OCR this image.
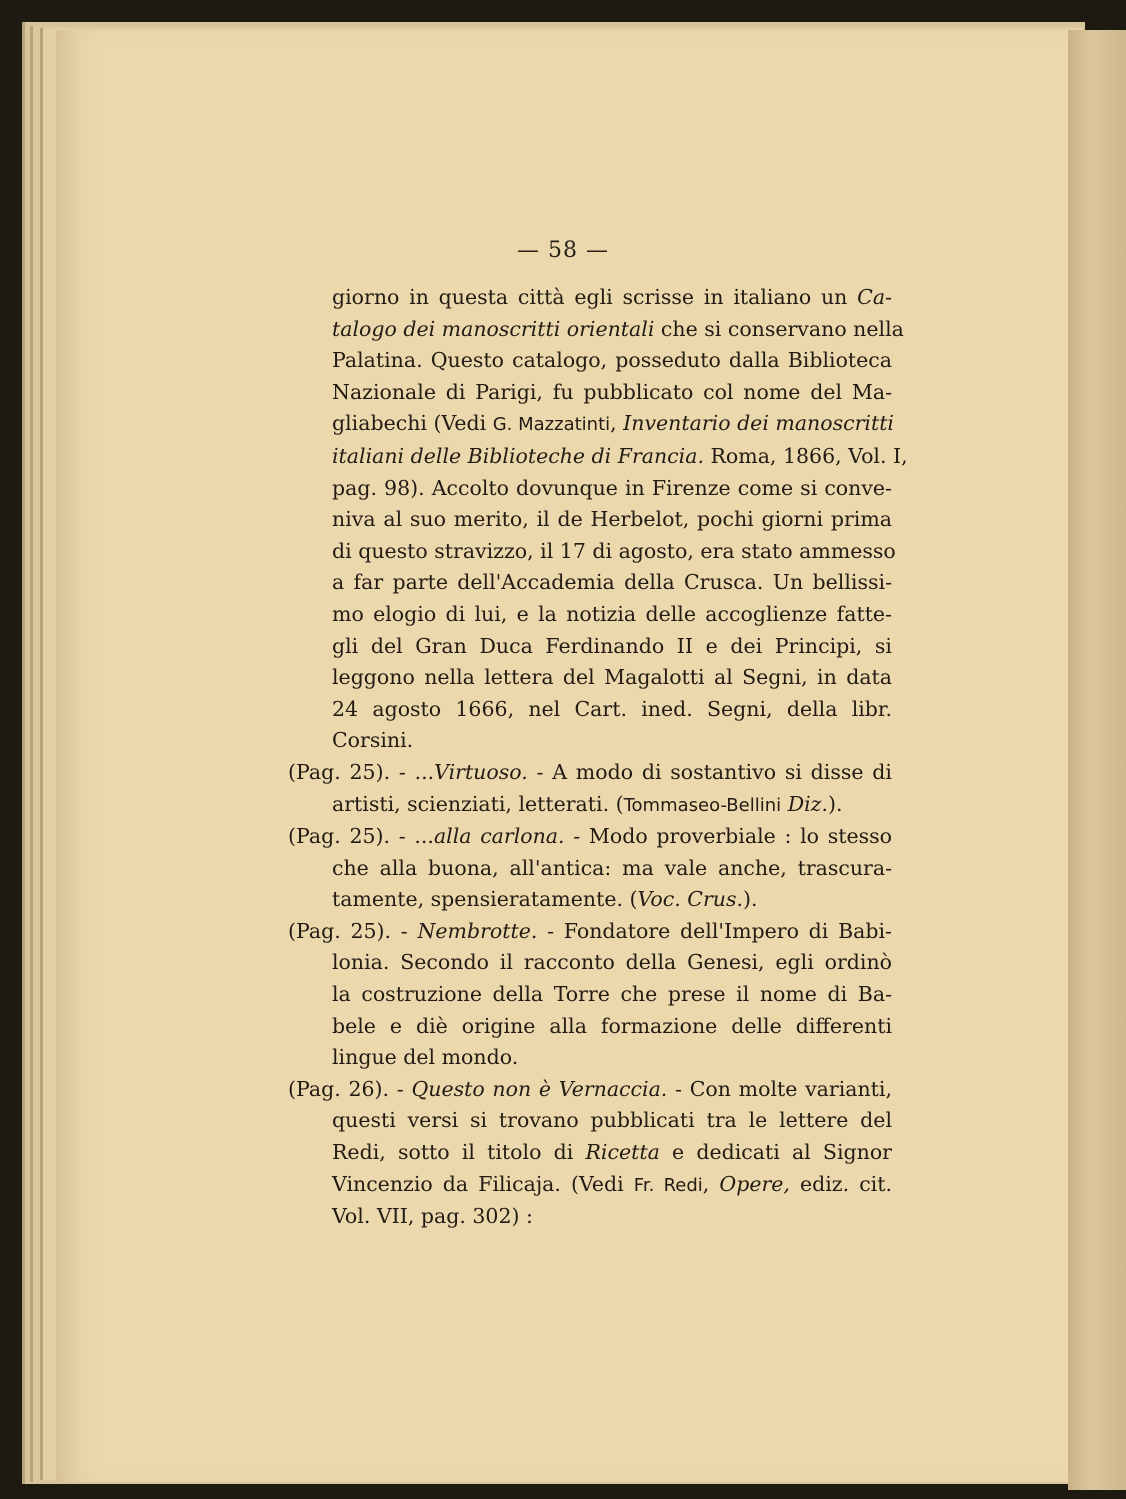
— 58 —
giorno in questa città egli scrisse in italiano un Ca-
talogo dei manoscritti orientali che si conservano nella
Palatina. Questo catalogo, posseduto dalla Biblioteca
Nazionale di Parigi, fu pubblicato col nome del Ma-
gliabechi (Vedi G. Mazzatinti, Inventario dei manoscritti
italiani delle Biblioteche di Francia. Roma, 1866, Vol. I,
pag. 98). Accolto dovunque in Firenze come si conve-
niva al suo merito, il de Herbelot, pochi giorni prima
di questo stravizzo, il 17 di agosto, era stato ammesso
a far parte dell'Accademia della Crusca. Un bellissi-
mo elogio di lui, e la notizia delle accoglienze fatte-
gli del Gran Duca Ferdinando II e dei Principi, si
leggono nella lettera del Magalotti al Segni, in data
24 agosto 1666, nel Cart. ined. Segni, della libr.
Corsini.
(Pag. 25). - ...Virtuoso. - A modo di sostantivo si disse di
artisti, scienziati, letterati. (Tommaseo-Bellini Diz.).
(Pag. 25). - ...alla carlona. - Modo proverbiale : lo stesso
che alla buona, all'antica: ma vale anche, trascura-
tamente, spensieratamente. (Voc. Crus.).
(Pag. 25). - Nembrotte. - Fondatore dell'Impero di Babi-
lonia. Secondo il racconto della Genesi, egli ordinò
la costruzione della Torre che prese il nome di Ba-
bele e diè origine alla formazione delle differenti
lingue del mondo.
(Pag. 26). - Questo non è Vernaccia. - Con molte varianti,
questi versi si trovano pubblicati tra le lettere del
Redi, sotto il titolo di Ricetta e dedicati al Signor
Vincenzio da Filicaja. (Vedi Fr. Redi, Opere, ediz. cit.
Vol. VII, pag. 302) :
